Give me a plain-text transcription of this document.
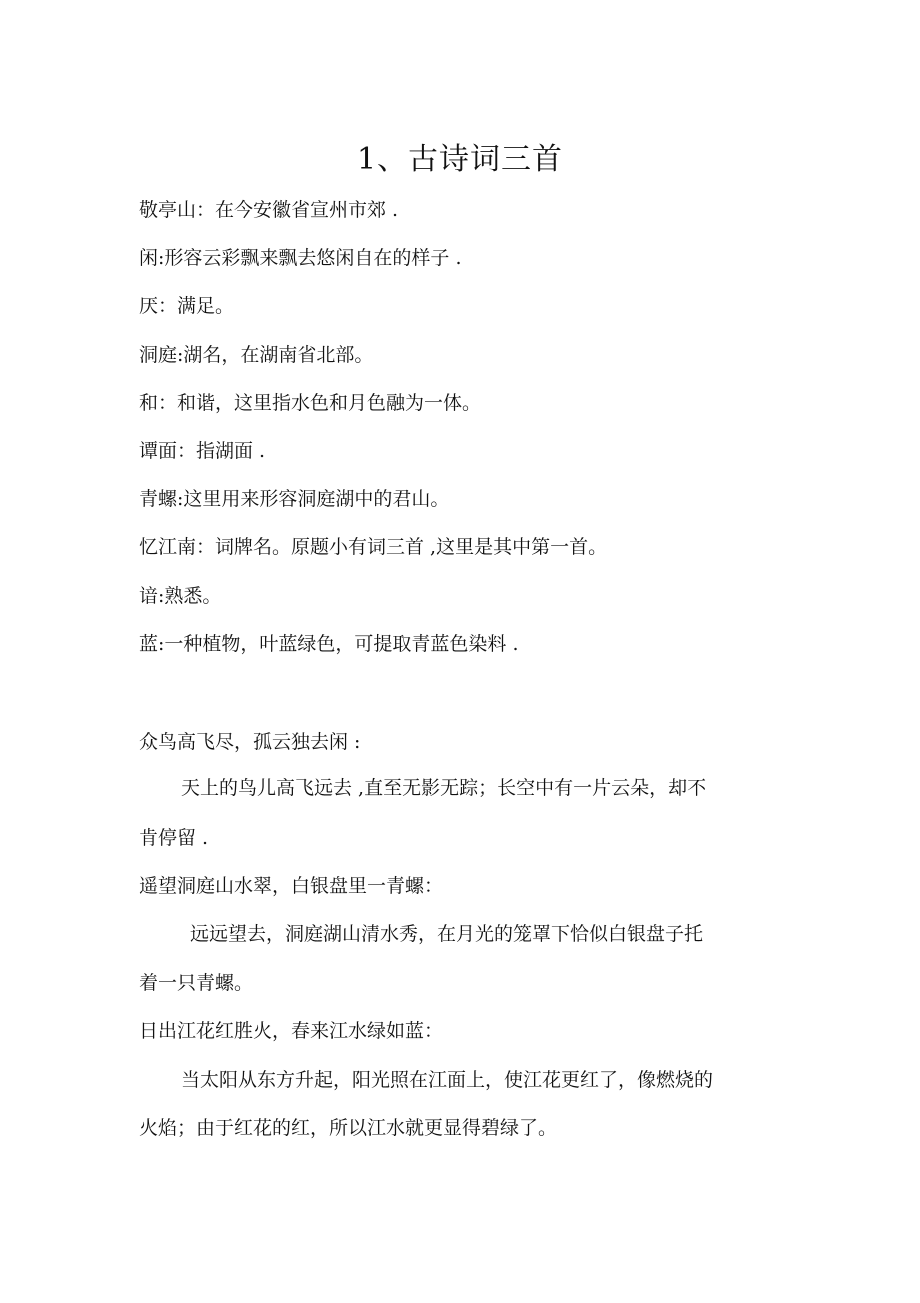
1、古诗词三首
敬亭山：在今安徽省宣州市郊 .
闲:形容云彩飘来飘去悠闲自在的样子 .
厌：满足。
洞庭:湖名，在湖南省北部。
和：和谐，这里指水色和月色融为一体。
谭面：指湖面 .
青螺:这里用来形容洞庭湖中的君山。
忆江南：词牌名。原题小有词三首 ,这里是其中第一首。
谙:熟悉。
蓝:一种植物，叶蓝绿色，可提取青蓝色染料 .
众鸟高飞尽，孤云独去闲 :
天上的鸟儿高飞远去 ,直至无影无踪；长空中有一片云朵，却不
肯停留 .
遥望洞庭山水翠，白银盘里一青螺：
远远望去，洞庭湖山清水秀，在月光的笼罩下恰似白银盘子托
着一只青螺。
日出江花红胜火，春来江水绿如蓝：
当太阳从东方升起，阳光照在江面上，使江花更红了，像燃烧的
火焰；由于红花的红，所以江水就更显得碧绿了。
